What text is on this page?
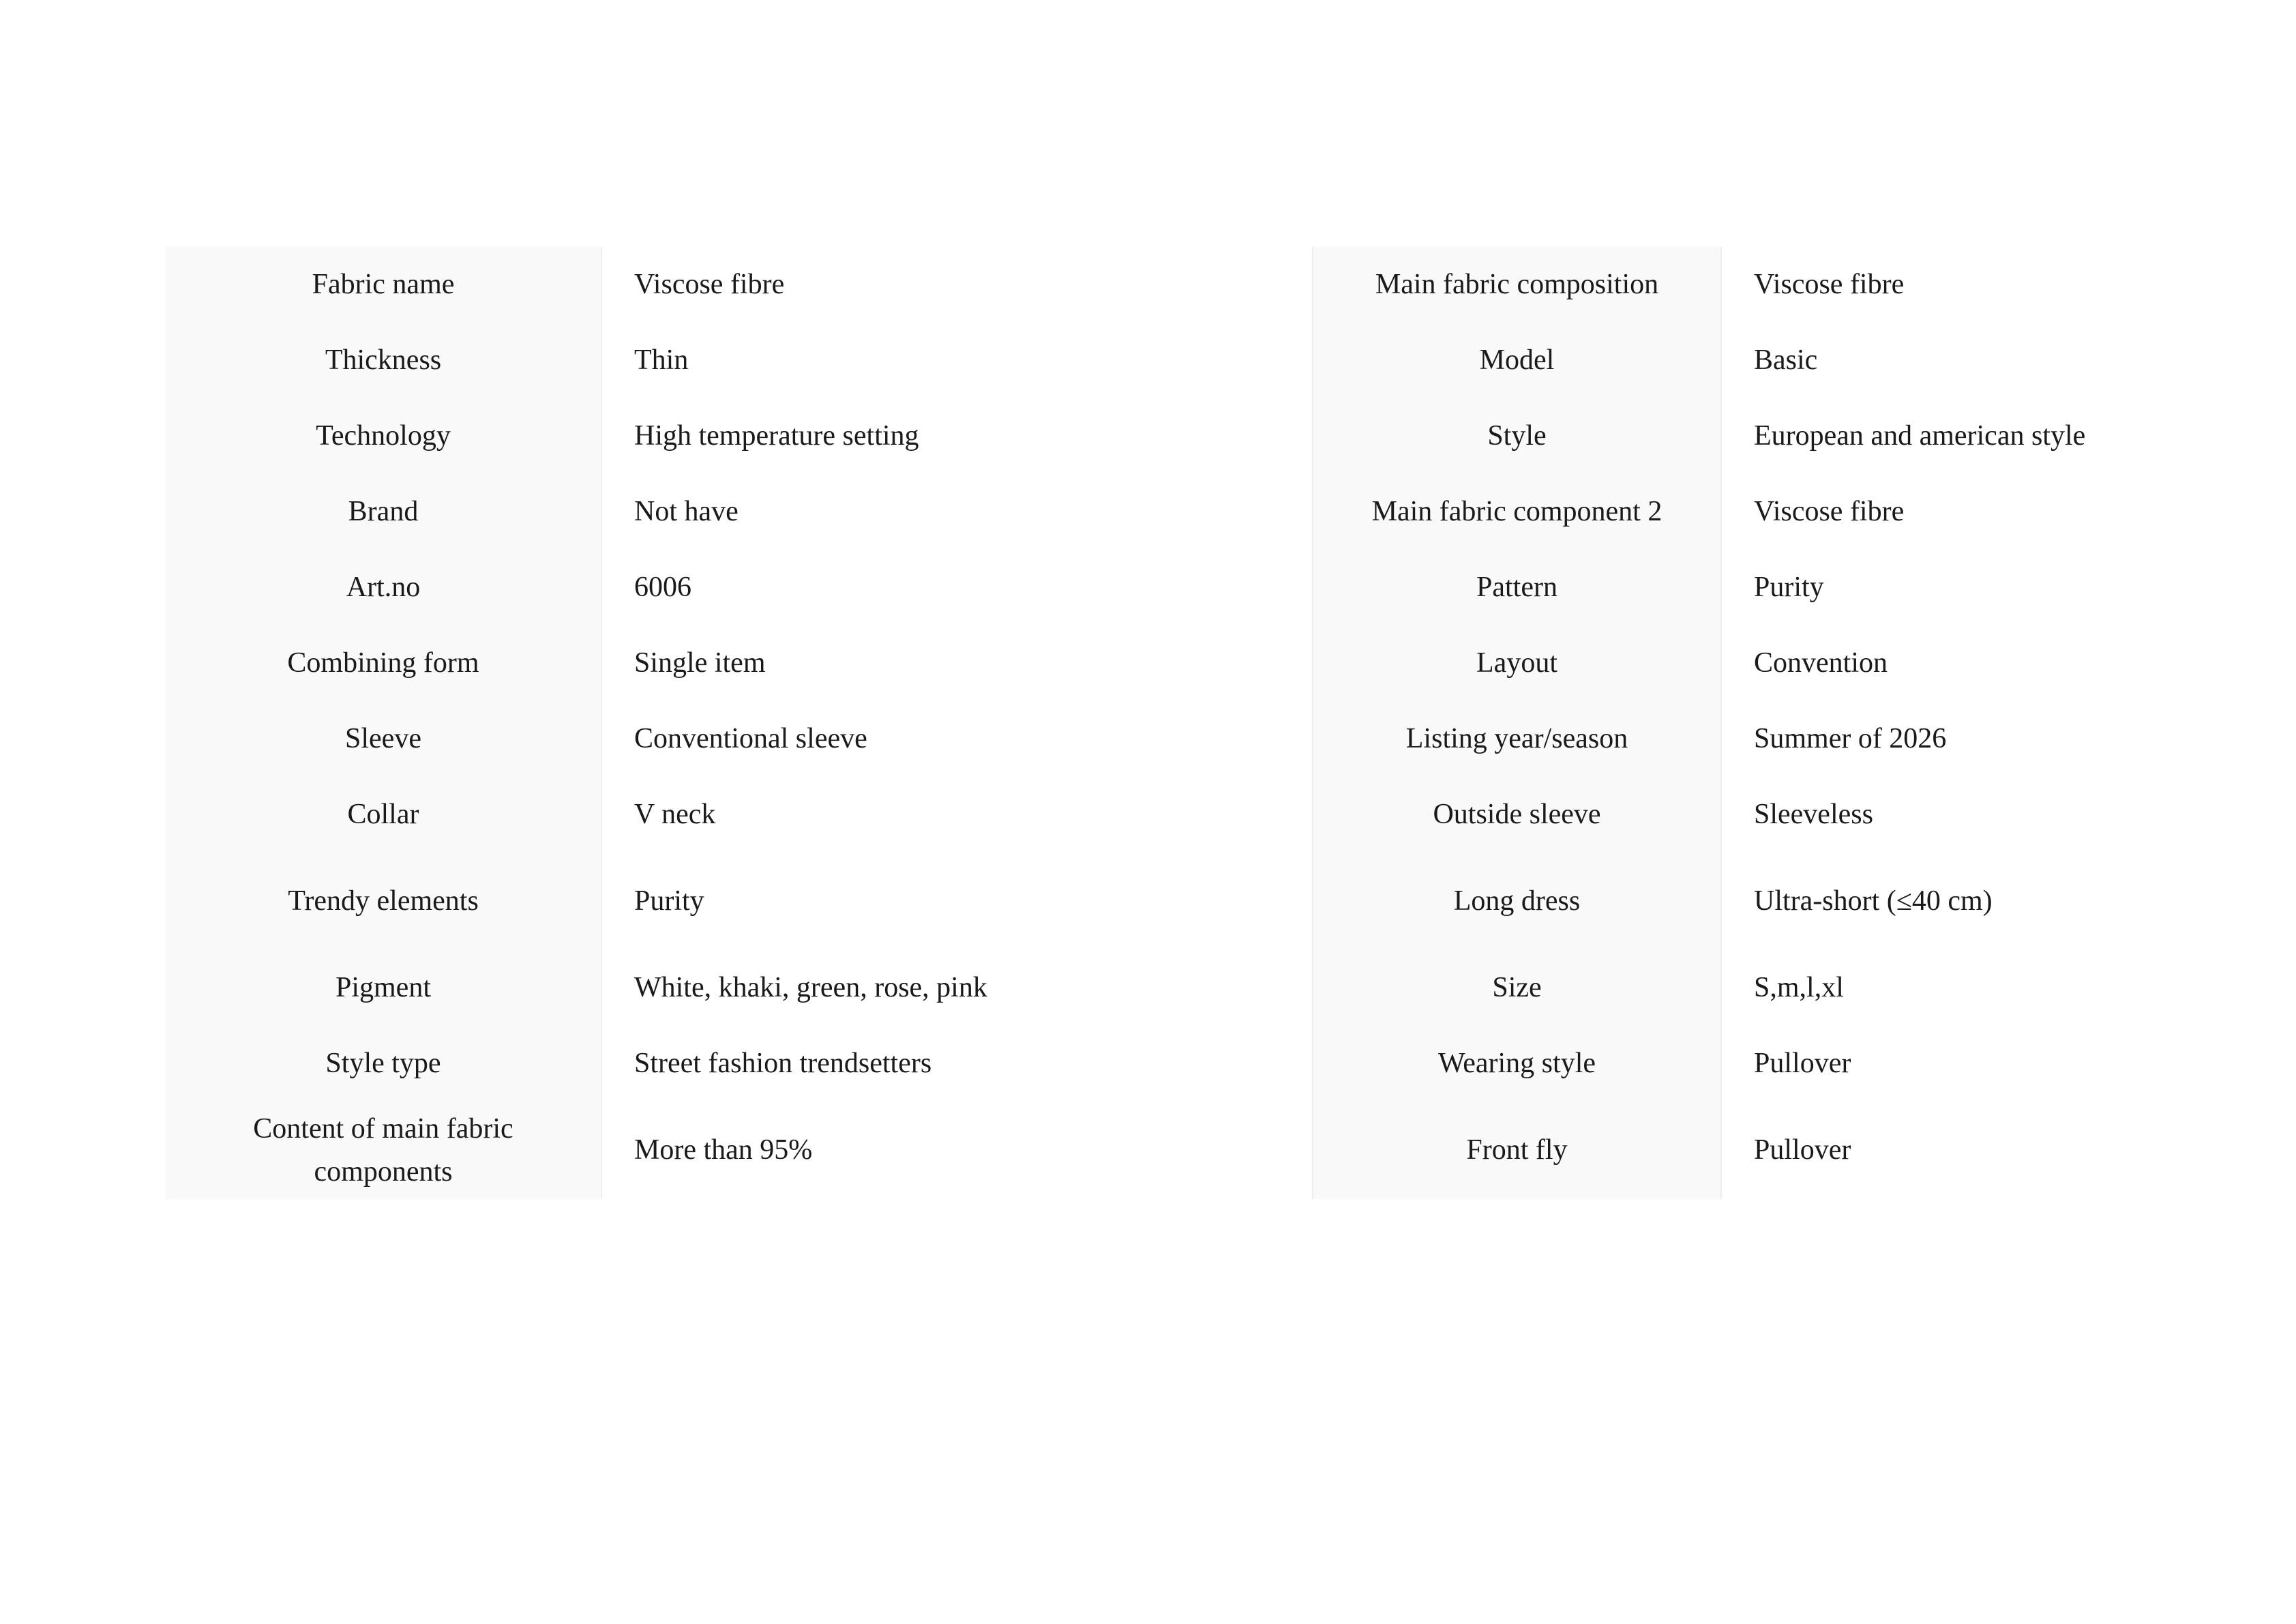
Fabric name	Viscose fibre	Main fabric composition	Viscose fibre
Thickness	Thin	Model	Basic
Technology	High temperature setting	Style	European and american style
Brand	Not have	Main fabric component 2	Viscose fibre
Art.no	6006	Pattern	Purity
Combining form	Single item	Layout	Convention
Sleeve	Conventional sleeve	Listing year/season	Summer of 2026
Collar	V neck	Outside sleeve	Sleeveless
Trendy elements	Purity	Long dress	Ultra-short (≤40 cm)
Pigment	White, khaki, green, rose, pink	Size	S,m,l,xl
Style type	Street fashion trendsetters	Wearing style	Pullover
Content of main fabric components	More than 95%	Front fly	Pullover
